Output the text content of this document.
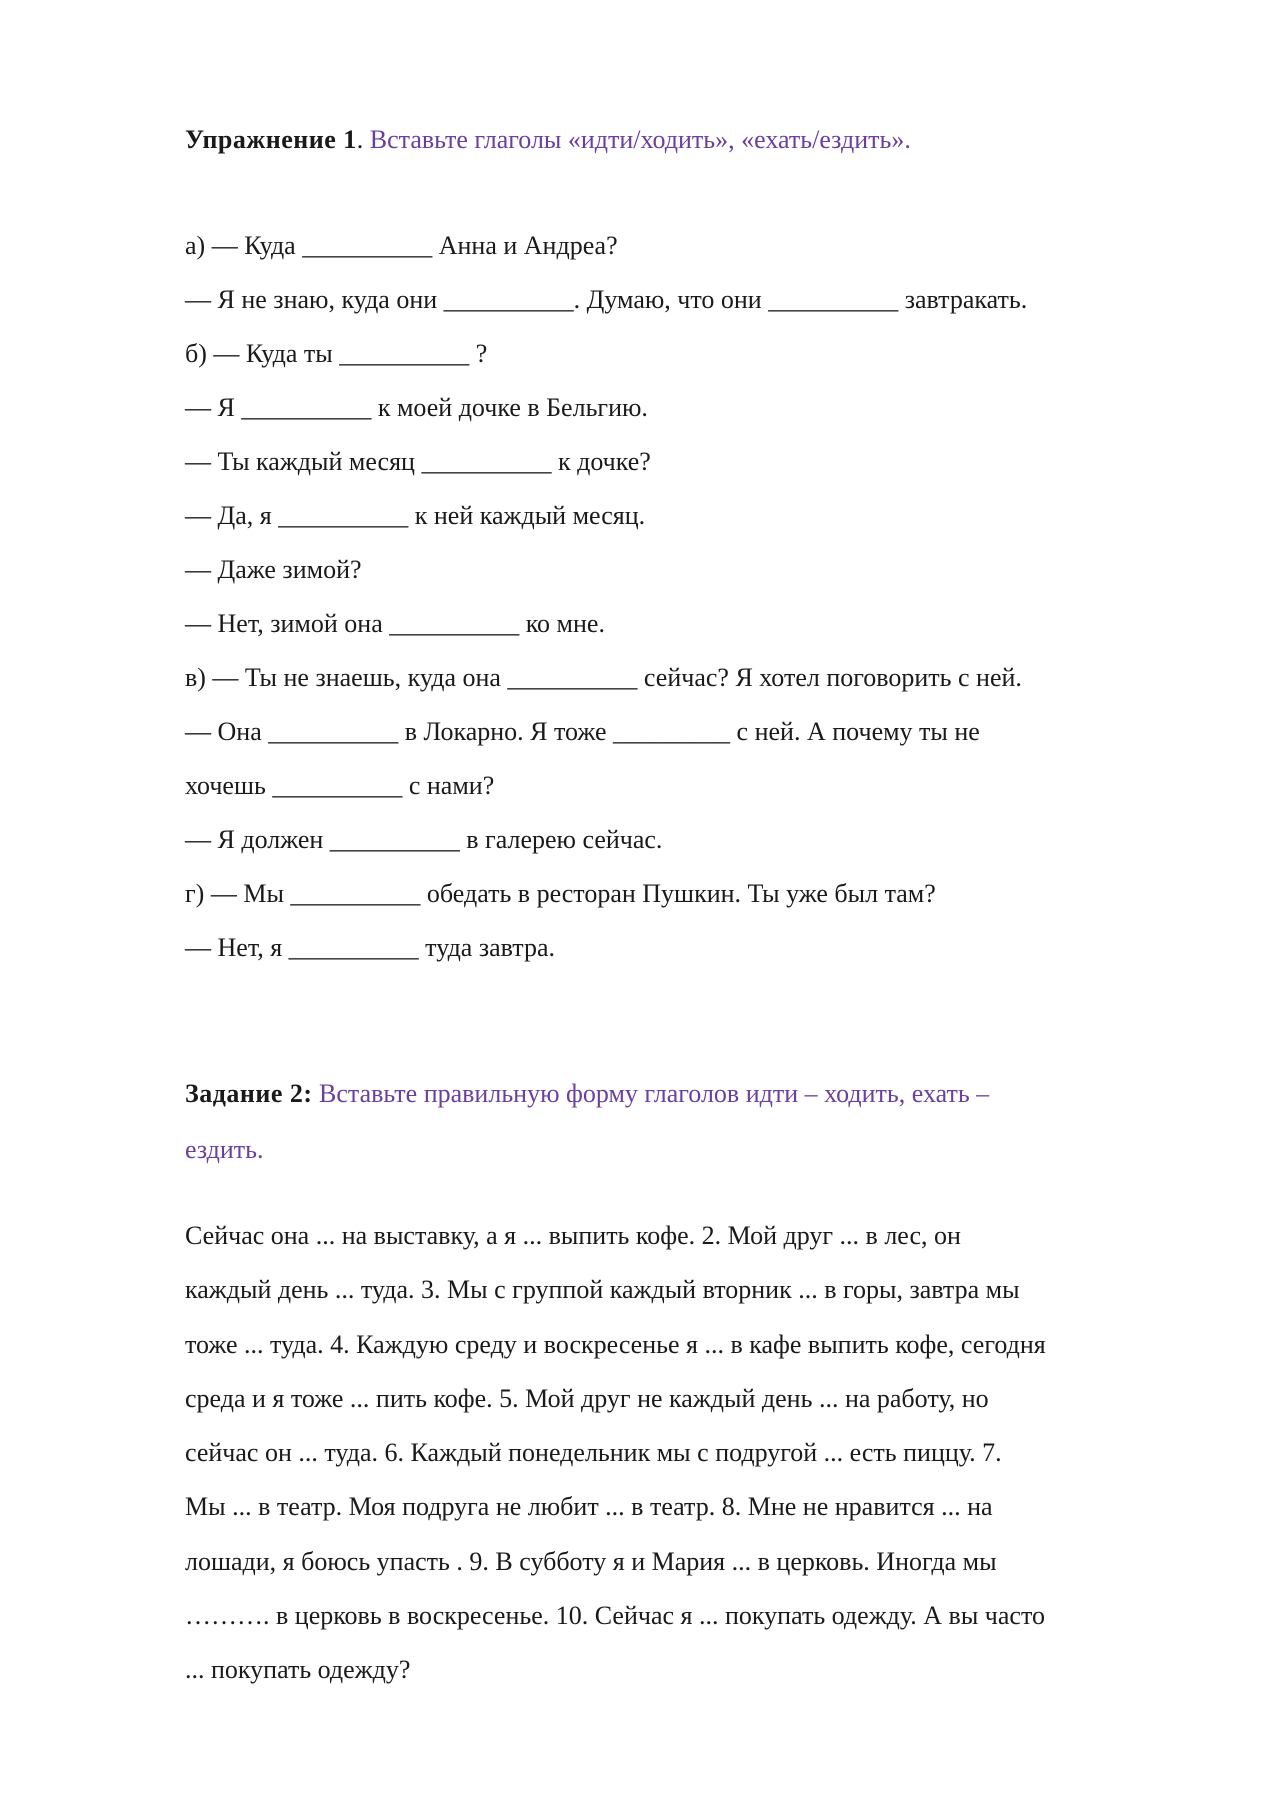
Упражнение 1. Вставьте глаголы «идти/ходить», «ехать/ездить».
а) — Куда __________ Анна и Андреа?
— Я не знаю, куда они __________. Думаю, что они __________ завтракать.
б) — Куда ты __________ ?
— Я __________ к моей дочке в Бельгию.
— Ты каждый месяц __________ к дочке?
— Да, я __________ к ней каждый месяц.
— Даже зимой?
— Нет, зимой она __________ ко мне.
в) — Ты не знаешь, куда она __________ сейчас? Я хотел поговорить с ней.
— Она __________ в Локарно. Я тоже _________ с ней. А почему ты не
хочешь __________ с нами?
— Я должен __________ в галерею сейчас.
г) — Мы __________ обедать в ресторан Пушкин. Ты уже был там?
— Нет, я __________ туда завтра.
Задание 2: Вставьте правильную форму глаголов идти – ходить, ехать –
ездить.
Сейчас она ... на выставку, а я ... выпить кофе. 2. Мой друг ... в лес, он
каждый день ... туда. 3. Мы с группой каждый вторник ... в горы, завтра мы
тоже ... туда. 4. Каждую среду и воскресенье я ... в кафе выпить кофе, сегодня
среда и я тоже ... пить кофе. 5. Мой друг не каждый день ... на работу, но
сейчас он ... туда. 6. Каждый понедельник мы с подругой ... есть пиццу. 7.
Мы ... в театр. Моя подруга не любит ... в театр. 8. Мне не нравится ... на
лошади, я боюсь упасть . 9. В субботу я и Мария ... в церковь. Иногда мы
………. в церковь в воскресенье. 10. Сейчас я ... покупать одежду. А вы часто
... покупать одежду?
